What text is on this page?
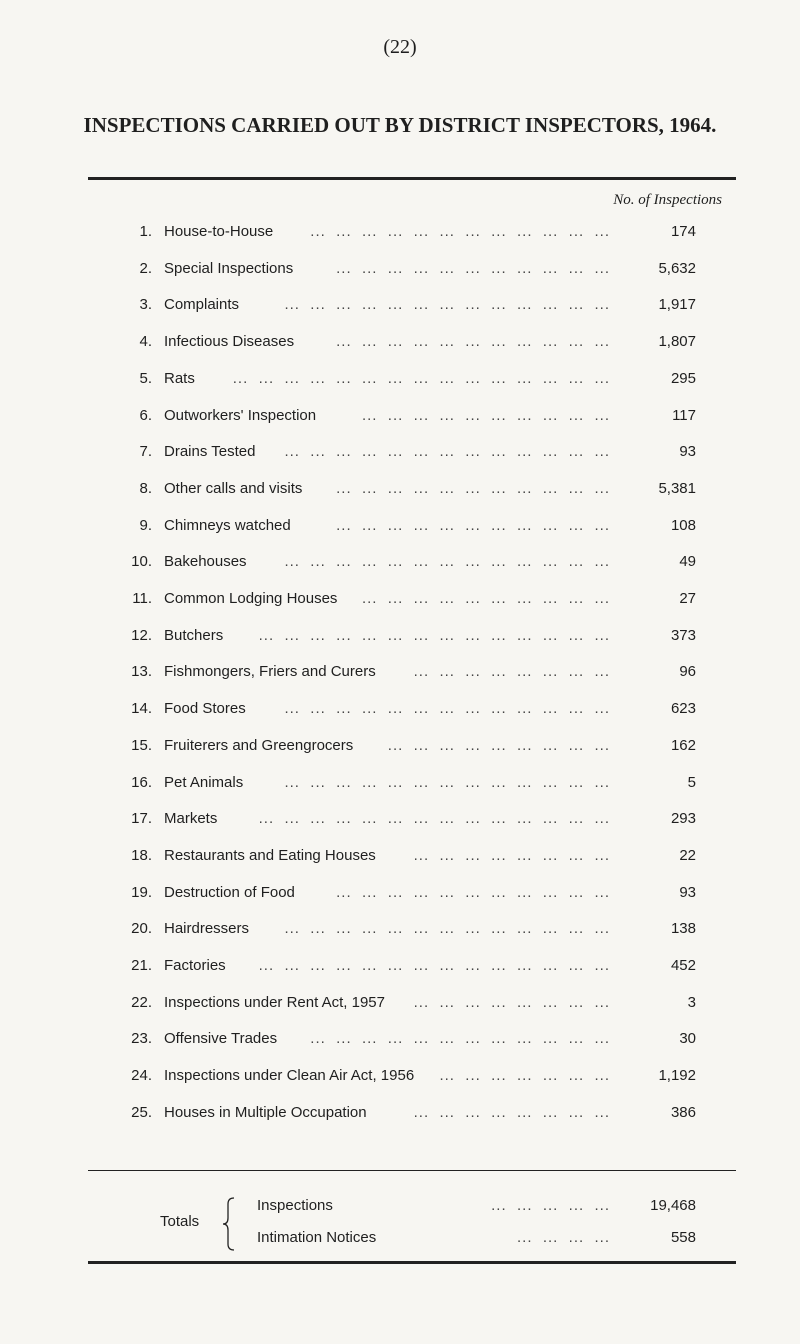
(22)
INSPECTIONS CARRIED OUT BY DISTRICT INSPECTORS, 1964.
No. of Inspections
1. House-to-House ...  ...  ...  ...  ...  ...  ...  ...  ...  ...  ...  ...	174
2. Special Inspections	...  ...  ...  ...  ...  ...  ...  ...  ...  ...  ...	5,632
3. Complaints	...  ...  ...  ...  ...  ...  ...  ...  ...  ...  ...  ...  ...	1,917
4. Infectious Diseases	...  ...  ...  ...  ...  ...  ...  ...  ...  ...  ...	1,807
5. Rats	...  ...  ...  ...  ...  ...  ...  ...  ...  ...  ...  ...  ...  ...  ...	295
6. Outworkers' Inspection	...  ...  ...  ...  ...  ...  ...  ...  ...  ...	117
7. Drains Tested ...  ...  ...  ...  ...  ...  ...  ...  ...  ...  ...  ...  ...	93
8. Other calls and visits ...  ...  ...  ...  ...  ...  ...  ...  ...  ...  ...	5,381
9. Chimneys watched	...  ...  ...  ...  ...  ...  ...  ...  ...  ...  ...	108
10. Bakehouses	...  ...  ...  ...  ...  ...  ...  ...  ...  ...  ...  ...  ...	49
11. Common Lodging Houses ...  ...  ...  ...  ...  ...  ...  ...  ...  ...	27
12. Butchers ...  ...  ...  ...  ...  ...  ...  ...  ...  ...  ...  ...  ...  ...	373
13. Fishmongers, Friers and Curers	...  ...  ...  ...  ...  ...  ...  ...	96
14. Food Stores	...  ...  ...  ...  ...  ...  ...  ...  ...  ...  ...  ...  ...	623
15. Fruiterers and Greengrocers ...  ...  ...  ...  ...  ...  ...  ...  ...	162
16. Pet Animals	...  ...  ...  ...  ...  ...  ...  ...  ...  ...  ...  ...  ...	5
17. Markets	...  ...  ...  ...  ...  ...  ...  ...  ...  ...  ...  ...  ...  ...	293
18. Restaurants and Eating Houses	...  ...  ...  ...  ...  ...  ...  ...	22
19. Destruction of Food	...  ...  ...  ...  ...  ...  ...  ...  ...  ...  ...	93
20. Hairdressers ...  ...  ...  ...  ...  ...  ...  ...  ...  ...  ...  ...  ...	138
21. Factories ...  ...  ...  ...  ...  ...  ...  ...  ...  ...  ...  ...  ...  ...	452
22. Inspections under Rent Act, 1957 ...  ...  ...  ...  ...  ...  ...  ...	3
23. Offensive Trades ...  ...  ...  ...  ...  ...  ...  ...  ...  ...  ...  ...	30
24. Inspections under Clean Air Act, 1956 ...  ...  ...  ...  ...  ...  ...	1,192
25. Houses in Multiple Occupation	...  ...  ...  ...  ...  ...  ...  ...	386
Totals
Inspections	...  ...  ...  ...  ...	19,468
Intimation Notices	...  ...  ...  ...	558
